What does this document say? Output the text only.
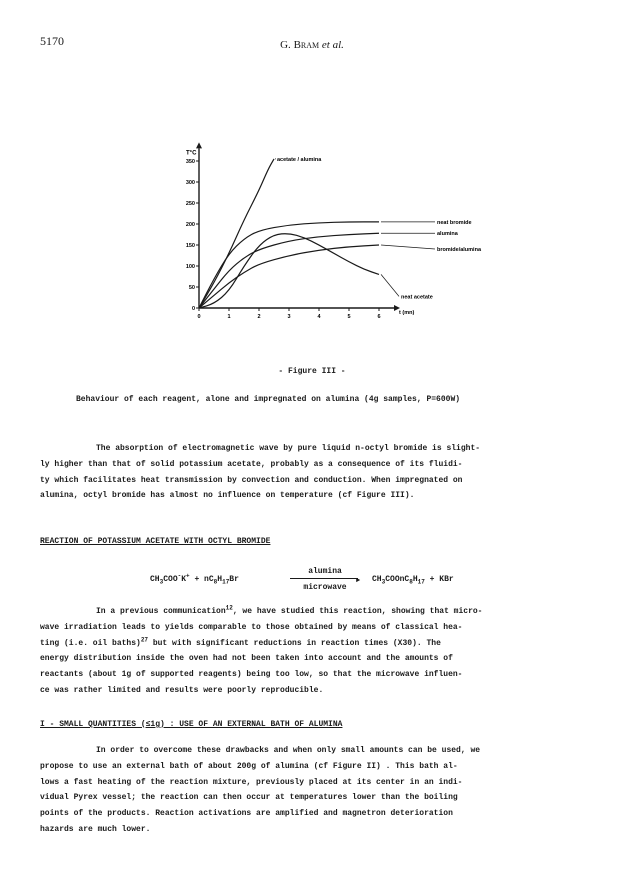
5170	G. Bram et al.
350
300
250
200
150
100
50
0
0	1	2	3	4	5	6
T°C
t (mn)
acetate / alumina
neat bromide
alumina
bromide/alumina
neat acetate
- Figure III -
Behaviour of each reagent, alone and impregnated on alumina (4g samples, P=600W)
The absorption of electromagnetic wave by pure liquid n-octyl bromide is slight-
ly higher than that of solid potassium acetate, probably as a consequence of its fluidi-
ty which facilitates heat transmission by convection and conduction. When impregnated on
alumina, octyl bromide has almost no influence on temperature (cf Figure III).
REACTION OF POTASSIUM ACETATE WITH OCTYL BROMIDE
$CH_3COO^-K^+ + nC_8H_{17}Br$
alumina
►
microwave
$CH_3COOnC_8H_{17}$ + KBr
In a previous communication$^{12}$, we have studied this reaction, showing that micro-
wave irradiation leads to yields comparable to those obtained by means of classical hea-
ting (i.e. oil baths)$^{27}$ but with significant reductions in reaction times (X30). The
energy distribution inside the oven had not been taken into account and the amounts of
reactants (about 1g of supported reagents) being too low, so that the microwave influen-
ce was rather limited and results were poorly reproducible.
I - SMALL QUANTITIES (≤1g) : USE OF AN EXTERNAL BATH OF ALUMINA
In order to overcome these drawbacks and when only small amounts can be used, we
propose to use an external bath of about 200g of alumina (cf Figure II) . This bath al-
lows a fast heating of the reaction mixture, previously placed at its center in an indi-
vidual Pyrex vessel; the reaction can then occur at temperatures lower than the boiling
points of the products. Reaction activations are amplified and magnetron deterioration
hazards are much lower.
